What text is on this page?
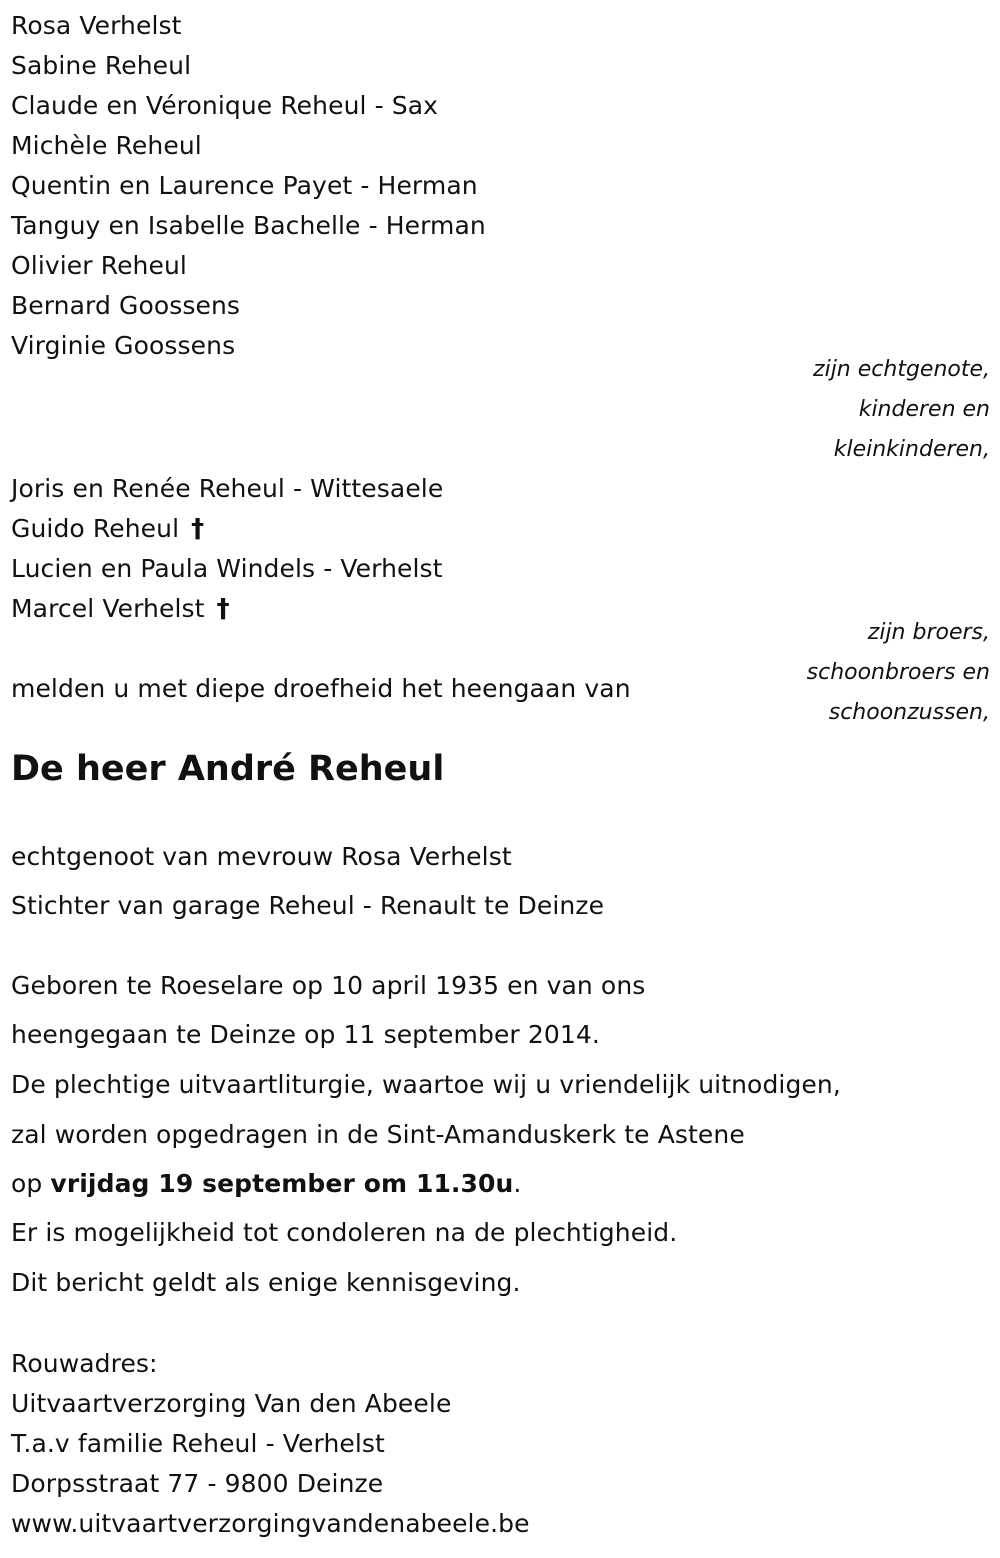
Rosa Verhelst
Sabine Reheul
Claude en Véronique Reheul - Sax
Michèle Reheul
Quentin en Laurence Payet - Herman
Tanguy en Isabelle Bachelle - Herman
Olivier Reheul
Bernard Goossens
Virginie Goossens
zijn echtgenote,
kinderen en
kleinkinderen,
Joris en Renée Reheul - Wittesaele
Guido Reheul †
Lucien en Paula Windels - Verhelst
Marcel Verhelst †
zijn broers,
schoonbroers en
schoonzussen,
melden u met diepe droefheid het heengaan van
De heer André Reheul
echtgenoot van mevrouw Rosa Verhelst
Stichter van garage Reheul - Renault te Deinze
Geboren te Roeselare op 10 april 1935 en van ons
heengegaan te Deinze op 11 september 2014.
De plechtige uitvaartliturgie, waartoe wij u vriendelijk uitnodigen,
zal worden opgedragen in de Sint-Amanduskerk te Astene
op vrijdag 19 september om 11.30u.
Er is mogelijkheid tot condoleren na de plechtigheid.
Dit bericht geldt als enige kennisgeving.
Rouwadres:
Uitvaartverzorging Van den Abeele
T.a.v familie Reheul - Verhelst
Dorpsstraat 77 - 9800 Deinze
www.uitvaartverzorgingvandenabeele.be
